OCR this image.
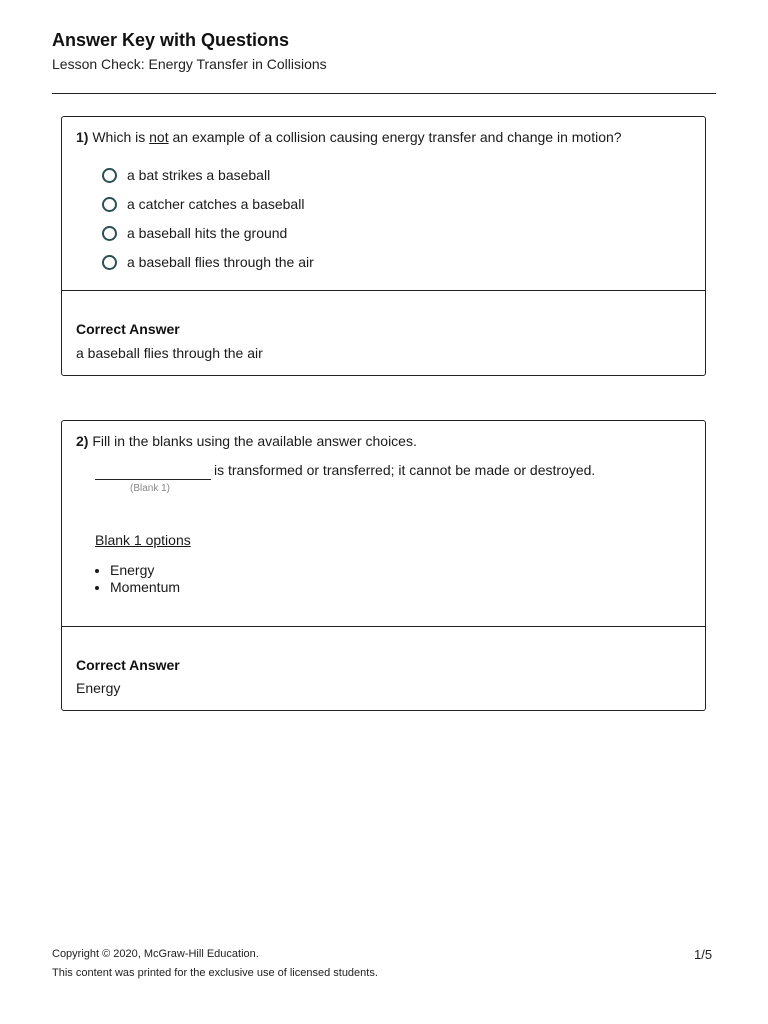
Answer Key with Questions
Lesson Check: Energy Transfer in Collisions
1) Which is not an example of a collision causing energy transfer and change in motion?
a bat strikes a baseball
a catcher catches a baseball
a baseball hits the ground
a baseball flies through the air
Correct Answer
a baseball flies through the air
2) Fill in the blanks using the available answer choices.
is transformed or transferred; it cannot be made or destroyed.
(Blank 1)
Blank 1 options
• Energy
• Momentum
Correct Answer
Energy
Copyright © 2020, McGraw-Hill Education.
This content was printed for the exclusive use of licensed students.
1/5
